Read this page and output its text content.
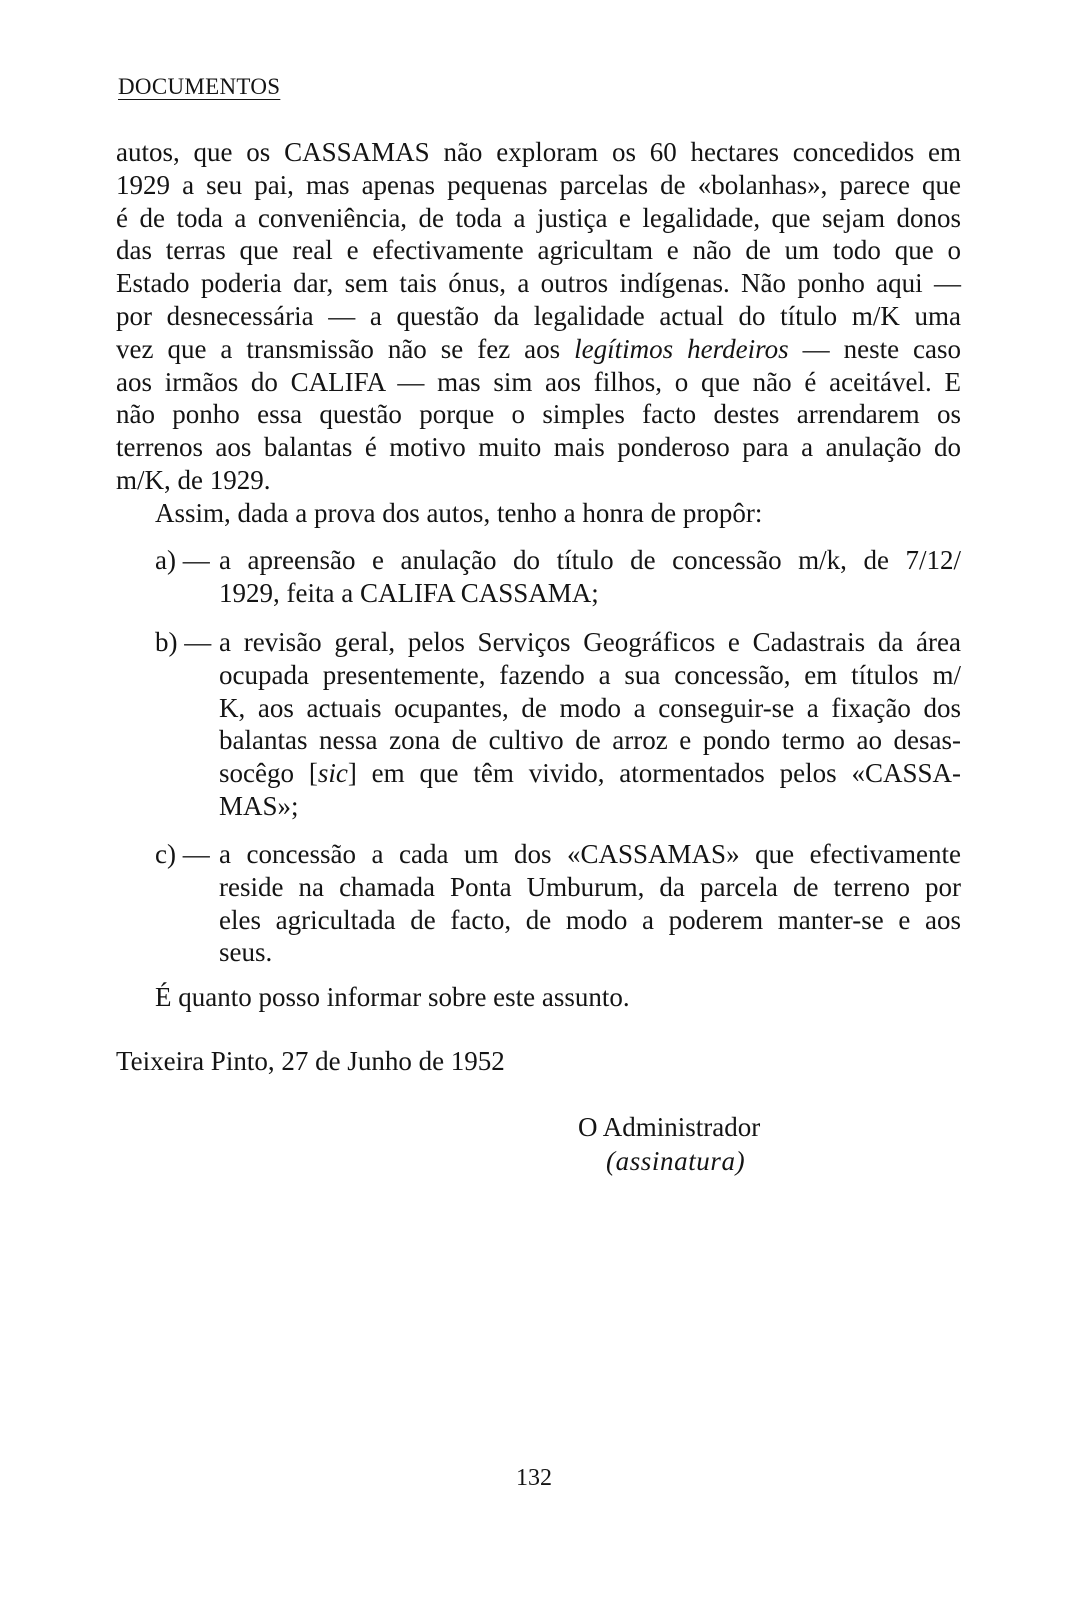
DOCUMENTOS
autos, que os CASSAMAS não exploram os 60 hectares concedidos em
1929 a seu pai, mas apenas pequenas parcelas de «bolanhas», parece que
é de toda a conveniência, de toda a justiça e legalidade, que sejam donos
das terras que real e efectivamente agricultam e não de um todo que o
Estado poderia dar, sem tais ónus, a outros indígenas. Não ponho aqui —
por desnecessária — a questão da legalidade actual do título m/K uma
vez que a transmissão não se fez aos legítimos herdeiros — neste caso
aos irmãos do CALIFA — mas sim aos filhos, o que não é aceitável. E
não ponho essa questão porque o simples facto destes arrendarem os
terrenos aos balantas é motivo muito mais ponderoso para a anulação do
m/K, de 1929.
Assim, dada a prova dos autos, tenho a honra de propôr:
a) — a apreensão e anulação do título de concessão m/k, de 7/12/
1929, feita a CALIFA CASSAMA;
b) — a revisão geral, pelos Serviços Geográficos e Cadastrais da área
ocupada presentemente, fazendo a sua concessão, em títulos m/
K, aos actuais ocupantes, de modo a conseguir-se a fixação dos
balantas nessa zona de cultivo de arroz e pondo termo ao desas-
socêgo [sic] em que têm vivido, atormentados pelos «CASSA-
MAS»;
c) — a concessão a cada um dos «CASSAMAS» que efectivamente
reside na chamada Ponta Umburum, da parcela de terreno por
eles agricultada de facto, de modo a poderem manter-se e aos
seus.
É quanto posso informar sobre este assunto.
Teixeira Pinto, 27 de Junho de 1952
O Administrador
(assinatura)
132
